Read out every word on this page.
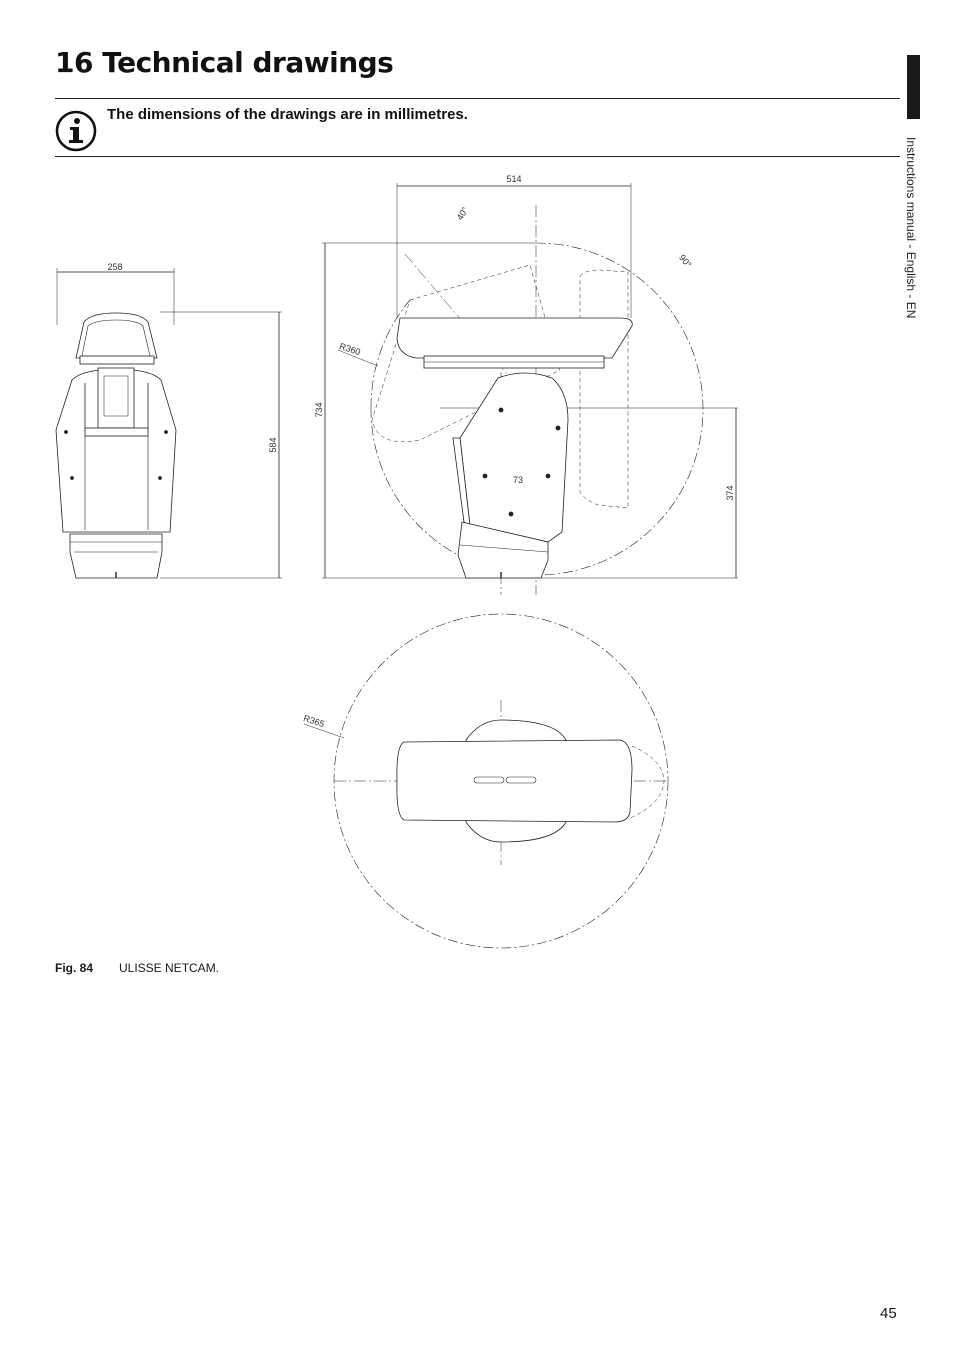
16 Technical drawings
Instructions manual - English - EN
The dimensions of the drawings are in millimetres.
258
584
514
734
40°
90°
R360
73
374
R365
Fig. 84 ULISSE NETCAM.
45
